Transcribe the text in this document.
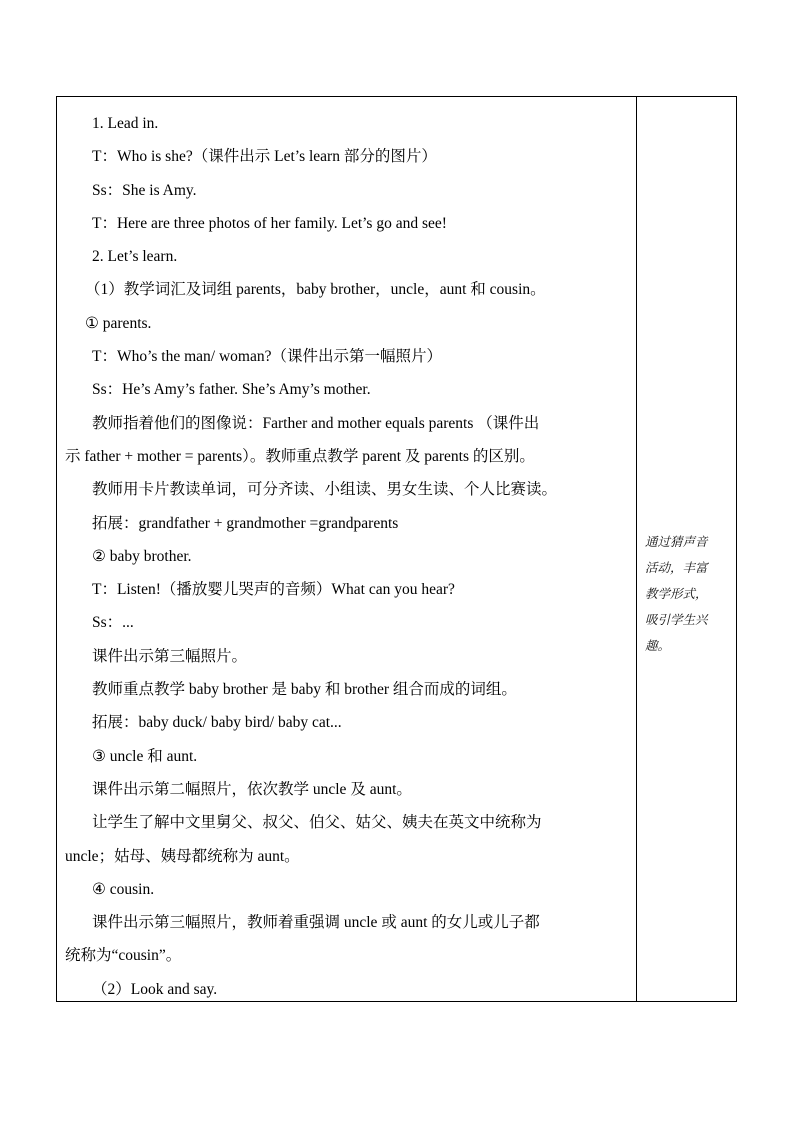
1. Lead in.
T：Who is she?（课件出示 Let’s learn 部分的图片）
Ss：She is Amy.
T：Here are three photos of her family. Let’s go and see!
2. Let’s learn.
（1）教学词汇及词组 parents，baby brother，uncle，aunt 和 cousin。
① parents.
T：Who’s the man/ woman?（课件出示第一幅照片）
Ss：He’s Amy’s father. She’s Amy’s mother.
教师指着他们的图像说：Farther and mother equals parents （课件出
示 father + mother = parents）。教师重点教学 parent 及 parents 的区别。
教师用卡片教读单词，可分齐读、小组读、男女生读、个人比赛读。
拓展：grandfather + grandmother =grandparents
② baby brother.
T：Listen!（播放婴儿哭声的音频）What can you hear?
Ss：...
课件出示第三幅照片。
教师重点教学 baby brother 是 baby 和 brother 组合而成的词组。
拓展：baby duck/ baby bird/ baby cat...
③ uncle 和 aunt.
课件出示第二幅照片，依次教学 uncle 及 aunt。
让学生了解中文里舅父、叔父、伯父、姑父、姨夫在英文中统称为
uncle；姑母、姨母都统称为 aunt。
④ cousin.
课件出示第三幅照片，教师着重强调 uncle 或 aunt 的女儿或儿子都
统称为“cousin”。
（2）Look and say.
通过猜声音
活动，丰富
教学形式，
吸引学生兴
趣。
